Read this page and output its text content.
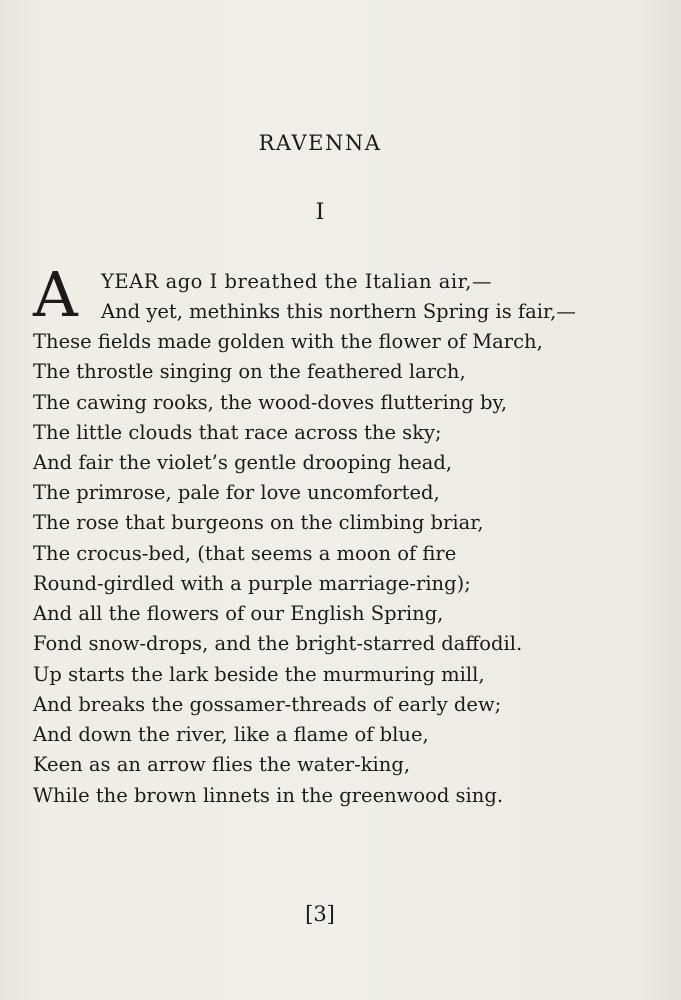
RAVENNA
I
A YEAR ago I breathed the Italian air,—
And yet, methinks this northern Spring is fair,—
These fields made golden with the flower of March,
The throstle singing on the feathered larch,
The cawing rooks, the wood-doves fluttering by,
The little clouds that race across the sky;
And fair the violet’s gentle drooping head,
The primrose, pale for love uncomforted,
The rose that burgeons on the climbing briar,
The crocus-bed, (that seems a moon of fire
Round-girdled with a purple marriage-ring);
And all the flowers of our English Spring,
Fond snow-drops, and the bright-starred daffodil.
Up starts the lark beside the murmuring mill,
And breaks the gossamer-threads of early dew;
And down the river, like a flame of blue,
Keen as an arrow flies the water-king,
While the brown linnets in the greenwood sing.
[3]
